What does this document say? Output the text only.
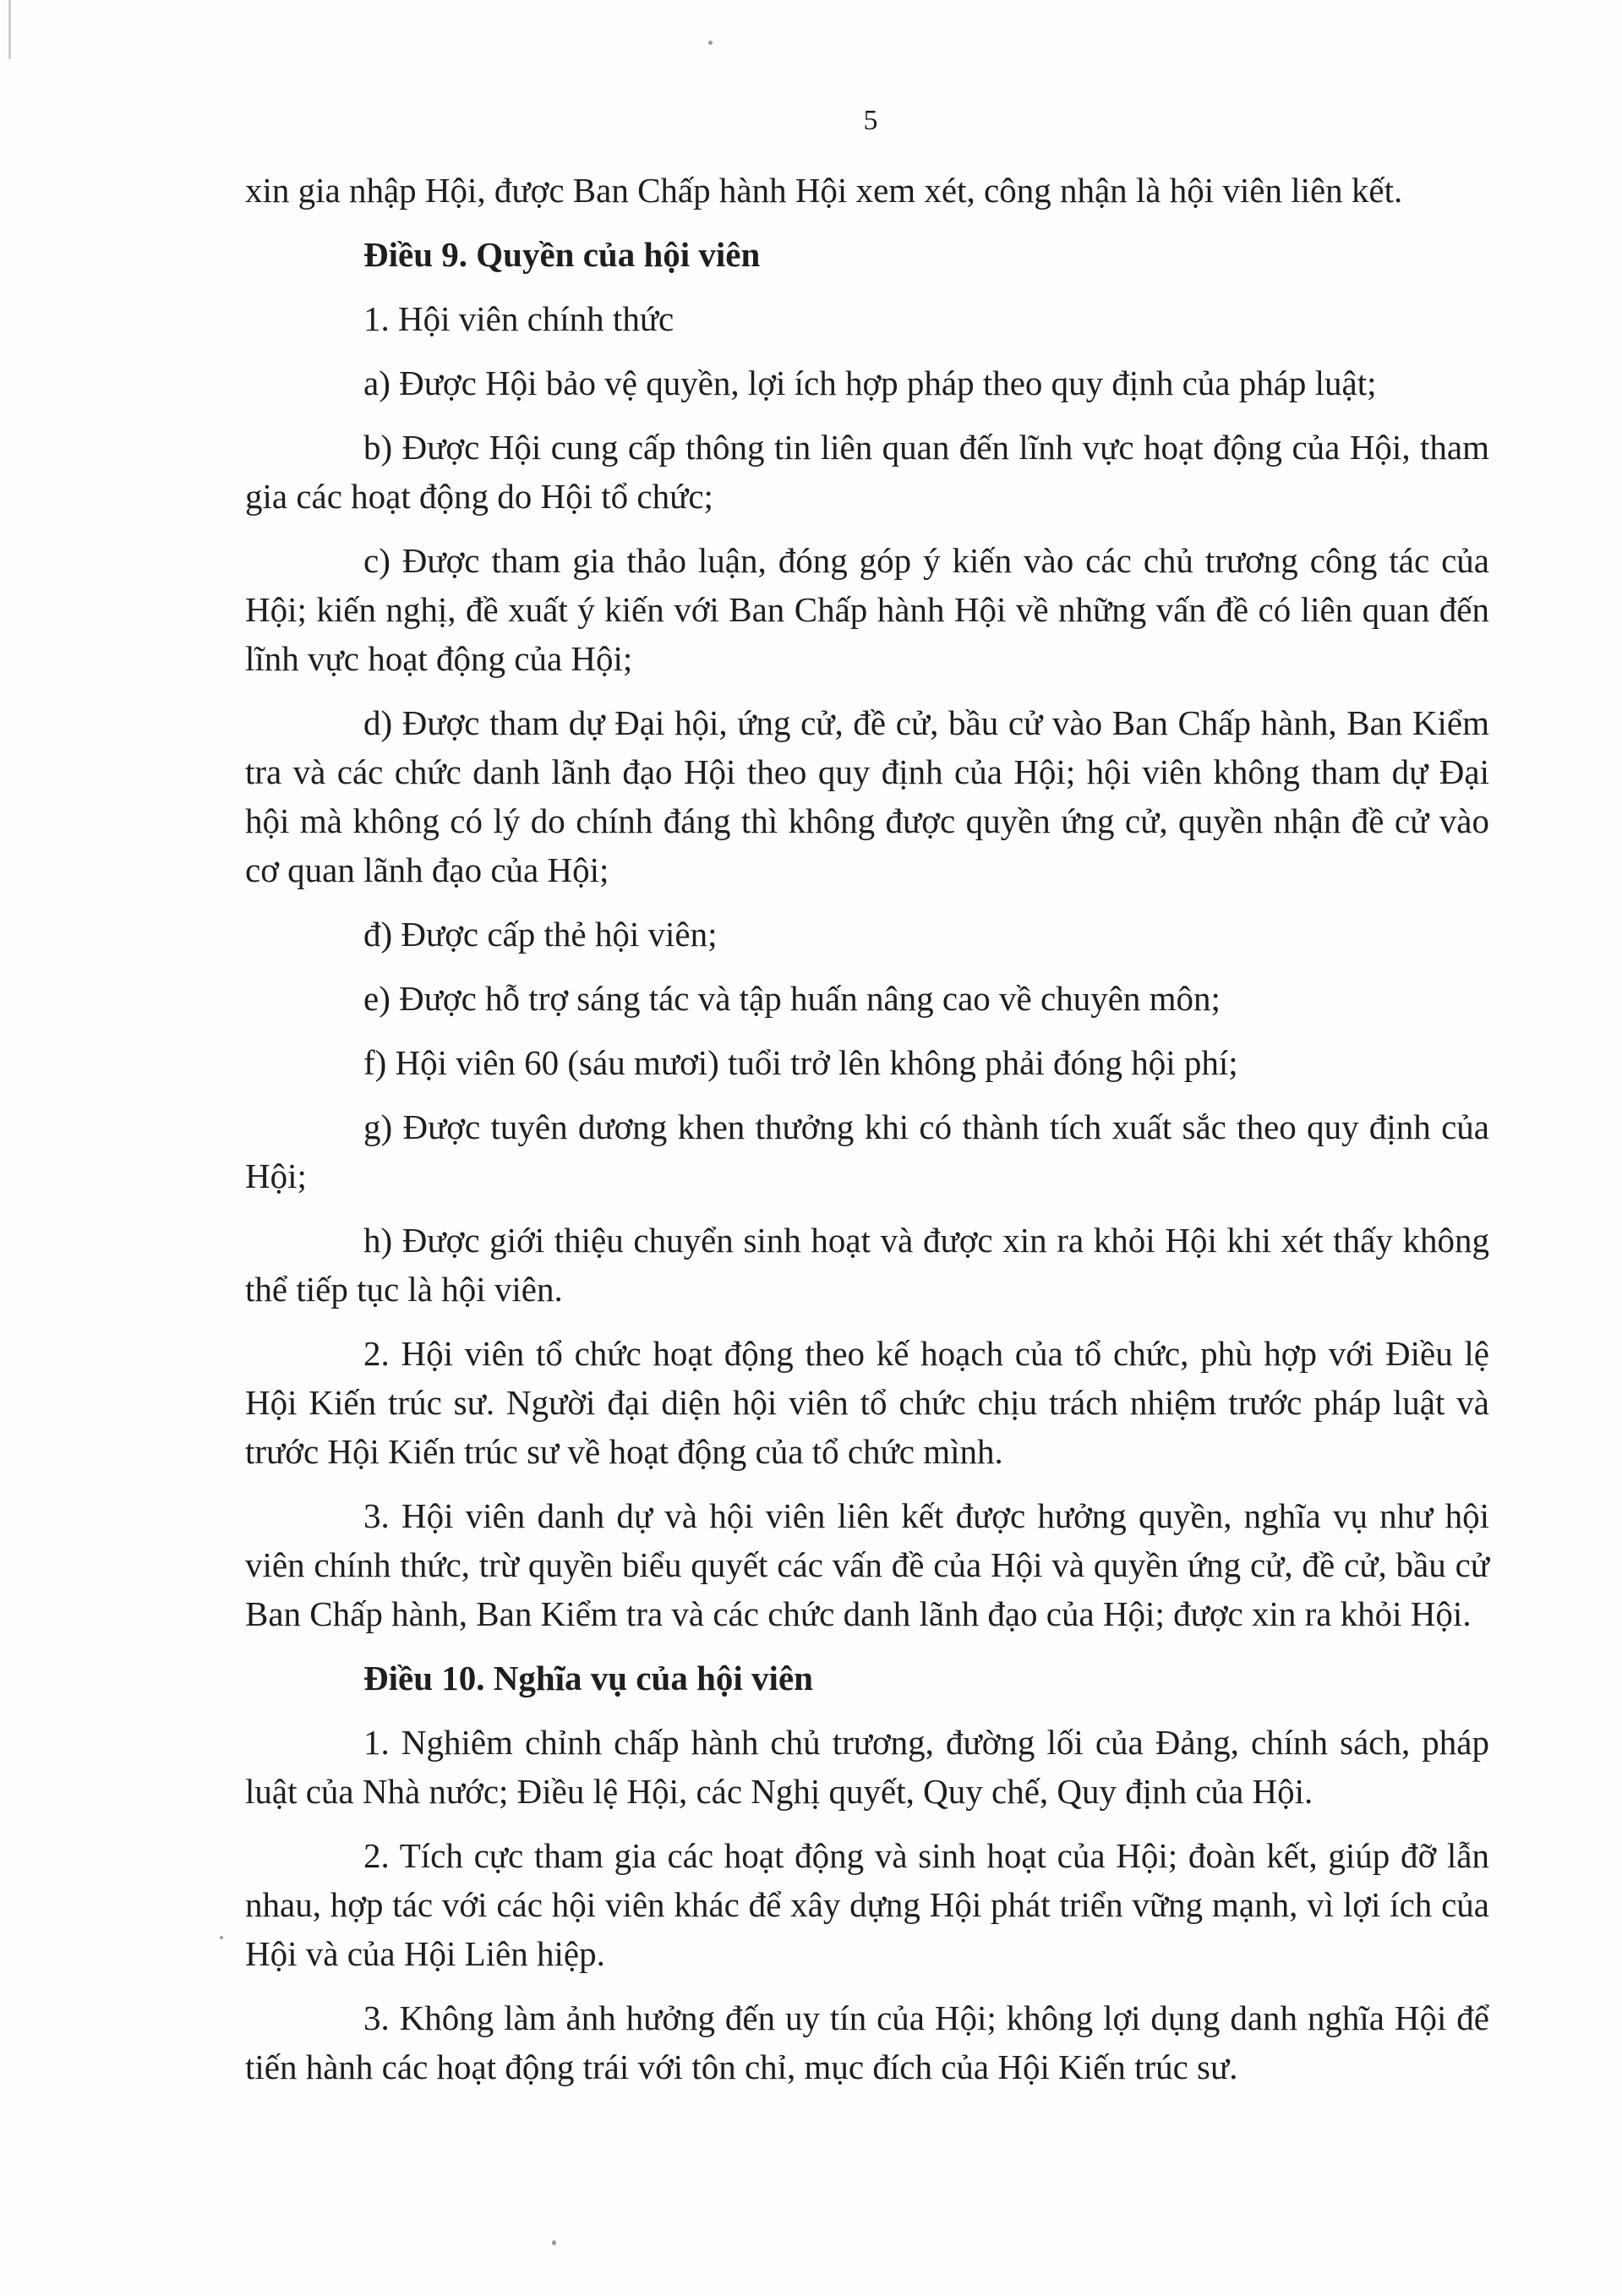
5

xin gia nhập Hội, được Ban Chấp hành Hội xem xét, công nhận là hội viên liên kết.

Điều 9. Quyền của hội viên

1. Hội viên chính thức

a) Được Hội bảo vệ quyền, lợi ích hợp pháp theo quy định của pháp luật;

b) Được Hội cung cấp thông tin liên quan đến lĩnh vực hoạt động của Hội, tham gia các hoạt động do Hội tổ chức;

c) Được tham gia thảo luận, đóng góp ý kiến vào các chủ trương công tác của Hội; kiến nghị, đề xuất ý kiến với Ban Chấp hành Hội về những vấn đề có liên quan đến lĩnh vực hoạt động của Hội;

d) Được tham dự Đại hội, ứng cử, đề cử, bầu cử vào Ban Chấp hành, Ban Kiểm tra và các chức danh lãnh đạo Hội theo quy định của Hội; hội viên không tham dự Đại hội mà không có lý do chính đáng thì không được quyền ứng cử, quyền nhận đề cử vào cơ quan lãnh đạo của Hội;

đ) Được cấp thẻ hội viên;

e) Được hỗ trợ sáng tác và tập huấn nâng cao về chuyên môn;

f) Hội viên 60 (sáu mươi) tuổi trở lên không phải đóng hội phí;

g) Được tuyên dương khen thưởng khi có thành tích xuất sắc theo quy định của Hội;

h) Được giới thiệu chuyển sinh hoạt và được xin ra khỏi Hội khi xét thấy không thể tiếp tục là hội viên.

2. Hội viên tổ chức hoạt động theo kế hoạch của tổ chức, phù hợp với Điều lệ Hội Kiến trúc sư. Người đại diện hội viên tổ chức chịu trách nhiệm trước pháp luật và trước Hội Kiến trúc sư về hoạt động của tổ chức mình.

3. Hội viên danh dự và hội viên liên kết được hưởng quyền, nghĩa vụ như hội viên chính thức, trừ quyền biểu quyết các vấn đề của Hội và quyền ứng cử, đề cử, bầu cử Ban Chấp hành, Ban Kiểm tra và các chức danh lãnh đạo của Hội; được xin ra khỏi Hội.

Điều 10. Nghĩa vụ của hội viên

1. Nghiêm chỉnh chấp hành chủ trương, đường lối của Đảng, chính sách, pháp luật của Nhà nước; Điều lệ Hội, các Nghị quyết, Quy chế, Quy định của Hội.

2. Tích cực tham gia các hoạt động và sinh hoạt của Hội; đoàn kết, giúp đỡ lẫn nhau, hợp tác với các hội viên khác để xây dựng Hội phát triển vững mạnh, vì lợi ích của Hội và của Hội Liên hiệp.

3. Không làm ảnh hưởng đến uy tín của Hội; không lợi dụng danh nghĩa Hội để tiến hành các hoạt động trái với tôn chỉ, mục đích của Hội Kiến trúc sư.
